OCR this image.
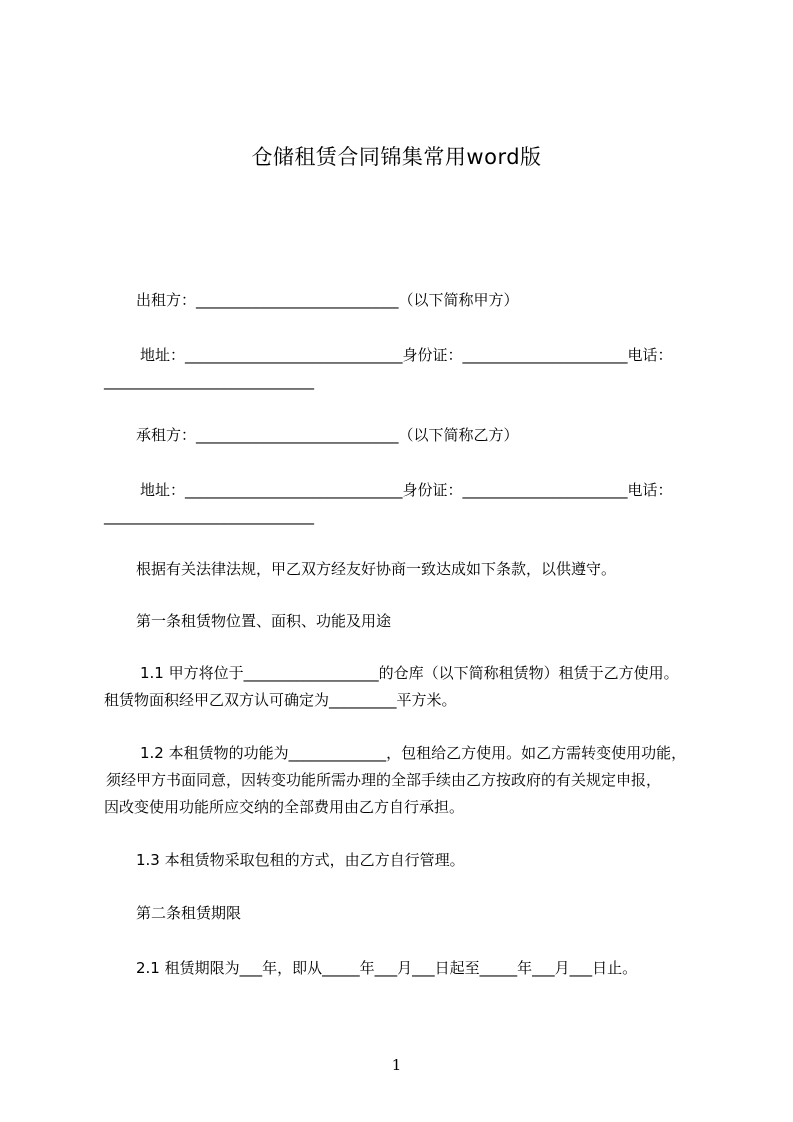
仓储租赁合同锦集常用word版
出租方：___________________________（以下简称甲方）
地址：_____________________________身份证：______________________电话：
____________________________
承租方：___________________________（以下简称乙方）
地址：_____________________________身份证：______________________电话：
____________________________
根据有关法律法规，甲乙双方经友好协商一致达成如下条款，以供遵守。
第一条租赁物位置、面积、功能及用途
1.1 甲方将位于__________________的仓库（以下简称租赁物）租赁于乙方使用。
租赁物面积经甲乙双方认可确定为_________平方米。
1.2 本租赁物的功能为_____________，包租给乙方使用。如乙方需转变使用功能，
须经甲方书面同意，因转变功能所需办理的全部手续由乙方按政府的有关规定申报，
因改变使用功能所应交纳的全部费用由乙方自行承担。
1.3 本租赁物采取包租的方式，由乙方自行管理。
第二条租赁期限
2.1 租赁期限为___年，即从_____年___月___日起至_____年___月___日止。
1
